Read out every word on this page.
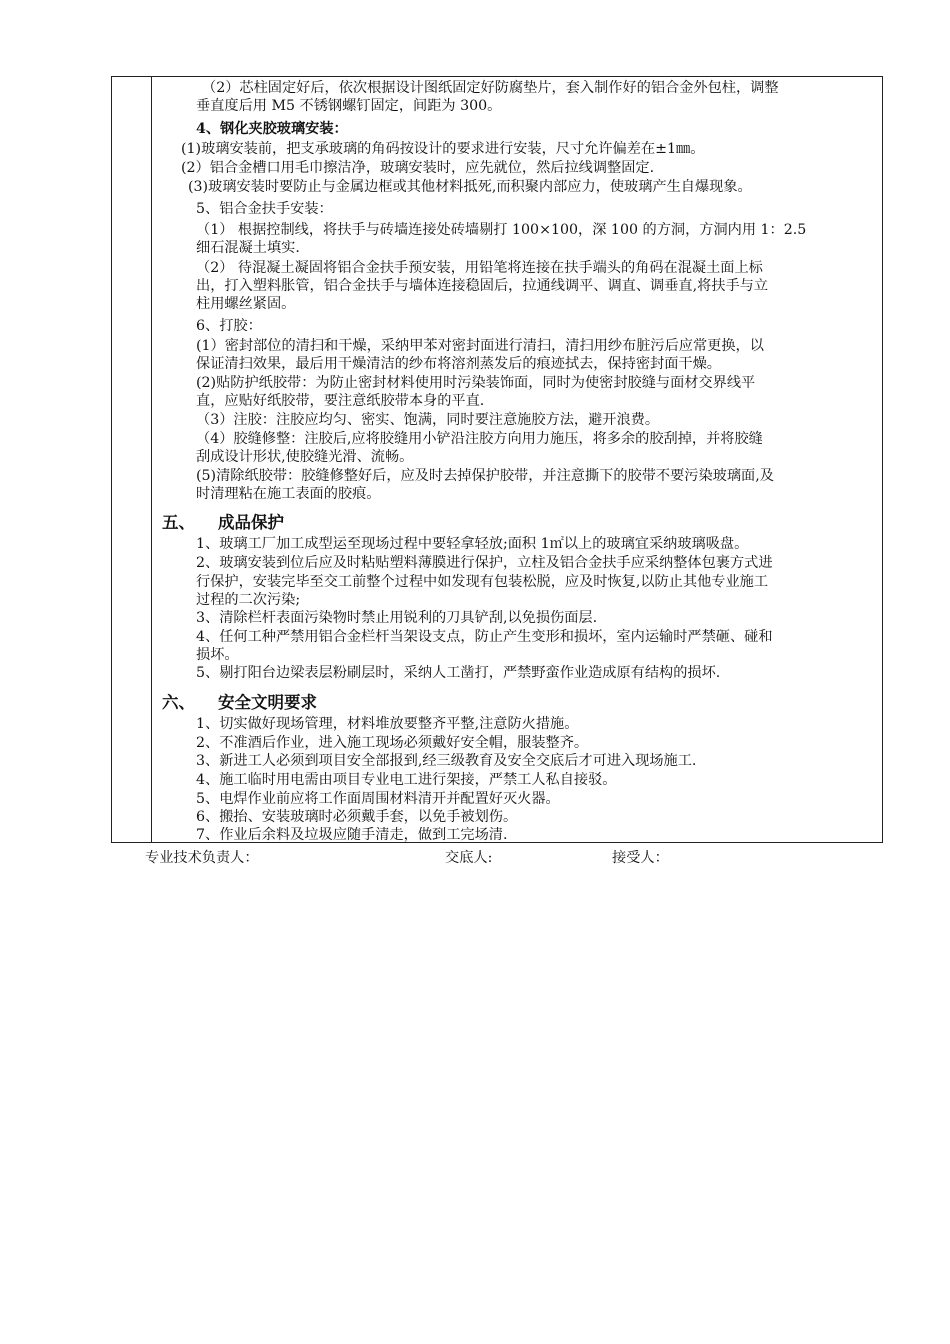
（2）芯柱固定好后，依次根据设计图纸固定好防腐垫片，套入制作好的铝合金外包柱，调整
垂直度后用 M5 不锈钢螺钉固定，间距为 300。
4、钢化夹胶玻璃安装：
(1)玻璃安装前，把支承玻璃的角码按设计的要求进行安装，尺寸允许偏差在±1㎜。
(2）铝合金槽口用毛巾擦洁净，玻璃安装时，应先就位，然后拉线调整固定.
(3)玻璃安装时要防止与金属边框或其他材料抵死,而积聚内部应力，使玻璃产生自爆现象。
5、铝合金扶手安装：
（1） 根据控制线，将扶手与砖墙连接处砖墙剔打 100×100，深 100 的方洞，方洞内用 1：2.5
细石混凝土填实.
（2） 待混凝土凝固将铝合金扶手预安装，用铅笔将连接在扶手端头的角码在混凝土面上标
出，打入塑料胀管，铝合金扶手与墙体连接稳固后，拉通线调平、调直、调垂直,将扶手与立
柱用螺丝紧固。
6、打胶：
(1）密封部位的清扫和干燥，采纳甲苯对密封面进行清扫，清扫用纱布脏污后应常更换，以
保证清扫效果，最后用干燥清洁的纱布将溶剂蒸发后的痕迹拭去，保持密封面干燥。
(2)贴防护纸胶带：为防止密封材料使用时污染装饰面，同时为使密封胶缝与面材交界线平
直，应贴好纸胶带，要注意纸胶带本身的平直.
（3）注胶：注胶应均匀、密实、饱满，同时要注意施胶方法，避开浪费。
（4）胶缝修整：注胶后,应将胶缝用小铲沿注胶方向用力施压，将多余的胶刮掉，并将胶缝
刮成设计形状,使胶缝光滑、流畅。
(5)清除纸胶带：胶缝修整好后，应及时去掉保护胶带，并注意撕下的胶带不要污染玻璃面,及
时清理粘在施工表面的胶痕。
五、 成品保护
1、玻璃工厂加工成型运至现场过程中要轻拿轻放;面积 1㎡以上的玻璃宜采纳玻璃吸盘。
2、玻璃安装到位后应及时粘贴塑料薄膜进行保护，立柱及铝合金扶手应采纳整体包裹方式进
行保护，安装完毕至交工前整个过程中如发现有包装松脱，应及时恢复,以防止其他专业施工
过程的二次污染;
3、清除栏杆表面污染物时禁止用锐利的刀具铲刮,以免损伤面层.
4、任何工种严禁用铝合金栏杆当架设支点，防止产生变形和损坏，室内运输时严禁砸、碰和
损坏。
5、剔打阳台边梁表层粉刷层时，采纳人工凿打，严禁野蛮作业造成原有结构的损坏.
六、 安全文明要求
1、切实做好现场管理，材料堆放要整齐平整,注意防火措施。
2、不准酒后作业，进入施工现场必须戴好安全帽，服装整齐。
3、新进工人必须到项目安全部报到,经三级教育及安全交底后才可进入现场施工.
4、施工临时用电需由项目专业电工进行架接，严禁工人私自接驳。
5、电焊作业前应将工作面周围材料清开并配置好灭火器。
6、搬抬、安装玻璃时必须戴手套，以免手被划伤。
7、作业后余料及垃圾应随手清走，做到工完场清.
专业技术负责人：	交底人:	接受人：
